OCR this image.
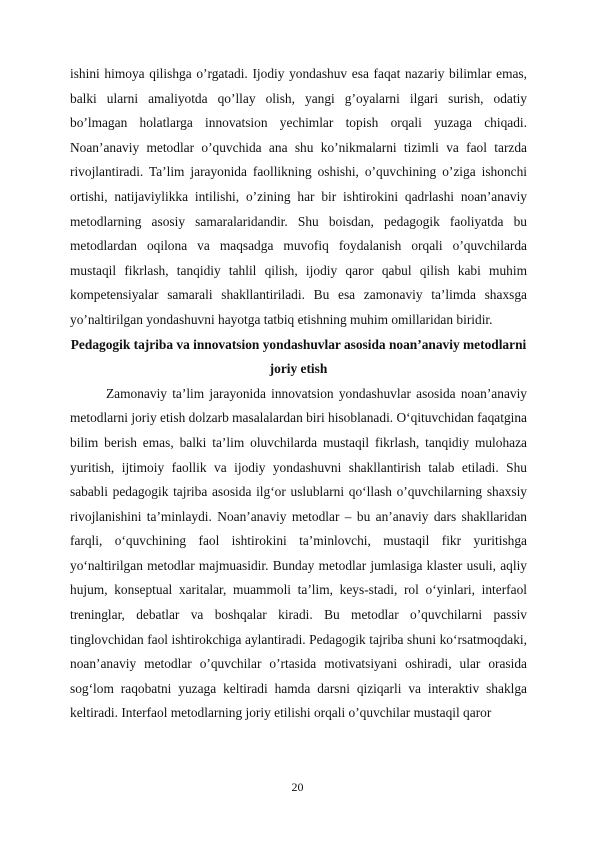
ishini himoya qilishga o’rgatadi. Ijodiy yondashuv esa faqat nazariy bilimlar emas, balki ularni amaliyotda qo’llay olish, yangi g’oyalarni ilgari surish, odatiy bo’lmagan holatlarga innovatsion yechimlar topish orqali yuzaga chiqadi. Noan’anaviy metodlar o’quvchida ana shu ko’nikmalarni tizimli va faol tarzda rivojlantiradi. Ta’lim jarayonida faollikning oshishi, o’quvchining o’ziga ishonchi ortishi, natijaviylikka intilishi, o’zining har bir ishtirokini qadrlashi noan’anaviy metodlarning asosiy samaralaridandir. Shu boisdan, pedagogik faoliyatda bu metodlardan oqilona va maqsadga muvofiq foydalanish orqali o’quvchilarda mustaqil fikrlash, tanqidiy tahlil qilish, ijodiy qaror qabul qilish kabi muhim kompetensiyalar samarali shakllantiriladi. Bu esa zamonaviy ta’limda shaxsga yo’naltirilgan yondashuvni hayotga tatbiq etishning muhim omillaridan biridir.

Pedagogik tajriba va innovatsion yondashuvlar asosida noan’anaviy metodlarni joriy etish

Zamonaviy ta’lim jarayonida innovatsion yondashuvlar asosida noan’anaviy metodlarni joriy etish dolzarb masalalardan biri hisoblanadi. O‘qituvchidan faqatgina bilim berish emas, balki ta’lim oluvchilarda mustaqil fikrlash, tanqidiy mulohaza yuritish, ijtimoiy faollik va ijodiy yondashuvni shakllantirish talab etiladi. Shu sababli pedagogik tajriba asosida ilg‘or uslublarni qo‘llash o’quvchilarning shaxsiy rivojlanishini ta’minlaydi. Noan’anaviy metodlar – bu an’anaviy dars shakllaridan farqli, o‘quvchining faol ishtirokini ta’minlovchi, mustaqil fikr yuritishga yo‘naltirilgan metodlar majmuasidir. Bunday metodlar jumlasiga klaster usuli, aqliy hujum, konseptual xaritalar, muammoli ta’lim, keys-stadi, rol o‘yinlari, interfaol treninglar, debatlar va boshqalar kiradi. Bu metodlar o’quvchilarni passiv tinglovchidan faol ishtirokchiga aylantiradi. Pedagogik tajriba shuni ko‘rsatmoqdaki, noan’anaviy metodlar o’quvchilar o’rtasida motivatsiyani oshiradi, ular orasida sog‘lom raqobatni yuzaga keltiradi hamda darsni qiziqarli va interaktiv shaklga keltiradi. Interfaol metodlarning joriy etilishi orqali o’quvchilar mustaqil qaror

20
